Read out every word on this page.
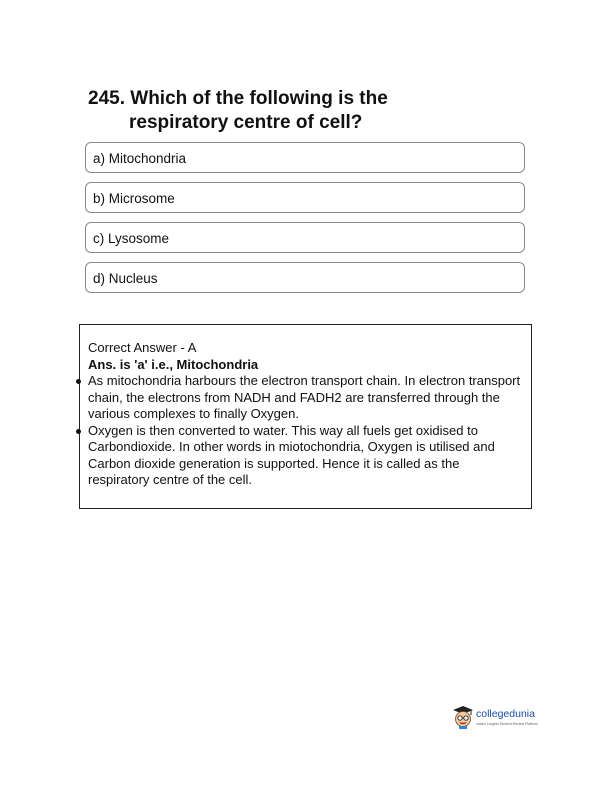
245. Which of the following is the
respiratory centre of cell?
a) Mitochondria
b) Microsome
c) Lysosome
d) Nucleus
Correct Answer - A
Ans. is 'a' i.e., Mitochondria
As mitochondria harbours the electron transport chain. In electron transport chain, the electrons from NADH and FADH2 are transferred through the various complexes to finally Oxygen.
Oxygen is then converted to water. This way all fuels get oxidised to Carbondioxide. In other words in miotochondria, Oxygen is utilised and Carbon dioxide generation is supported. Hence it is called as the respiratory centre of the cell.
collegedunia
India's Largest Student Review Platform
